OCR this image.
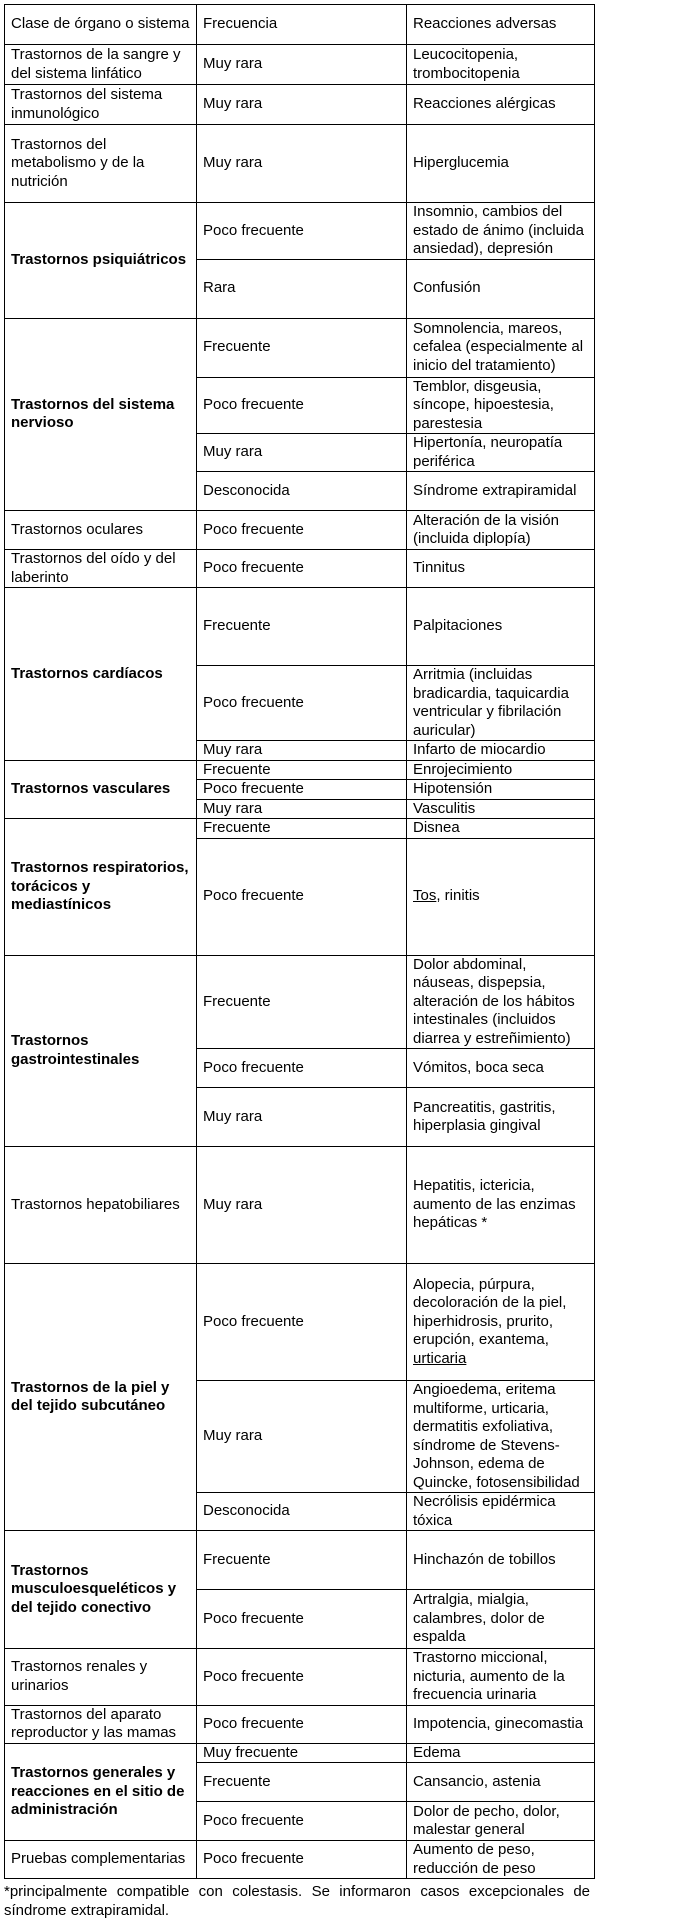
Clase de órgano o sistema	Frecuencia	Reacciones adversas
Trastornos de la sangre y del sistema linfático	Muy rara	Leucocitopenia, trombocitopenia
Trastornos del sistema inmunológico	Muy rara	Reacciones alérgicas
Trastornos del metabolismo y de la nutrición	Muy rara	Hiperglucemia
Trastornos psiquiátricos	Poco frecuente	Insomnio, cambios del estado de ánimo (incluida ansiedad), depresión
	Rara	Confusión
Trastornos del sistema nervioso	Frecuente	Somnolencia, mareos, cefalea (especialmente al inicio del tratamiento)
	Poco frecuente	Temblor, disgeusia, síncope, hipoestesia, parestesia
	Muy rara	Hipertonía, neuropatía periférica
	Desconocida	Síndrome extrapiramidal
Trastornos oculares	Poco frecuente	Alteración de la visión (incluida diplopía)
Trastornos del oído y del laberinto	Poco frecuente	Tinnitus
Trastornos cardíacos	Frecuente	Palpitaciones
	Poco frecuente	Arritmia (incluidas bradicardia, taquicardia ventricular y fibrilación auricular)
	Muy rara	Infarto de miocardio
Trastornos vasculares	Frecuente	Enrojecimiento
	Poco frecuente	Hipotensión
	Muy rara	Vasculitis
Trastornos respiratorios, torácicos y mediastínicos	Frecuente	Disnea
	Poco frecuente	Tos, rinitis
Trastornos gastrointestinales	Frecuente	Dolor abdominal, náuseas, dispepsia, alteración de los hábitos intestinales (incluidos diarrea y estreñimiento)
	Poco frecuente	Vómitos, boca seca
	Muy rara	Pancreatitis, gastritis, hiperplasia gingival
Trastornos hepatobiliares	Muy rara	Hepatitis, ictericia, aumento de las enzimas hepáticas *
Trastornos de la piel y del tejido subcutáneo	Poco frecuente	Alopecia, púrpura, decoloración de la piel, hiperhidrosis, prurito, erupción, exantema, urticaria
	Muy rara	Angioedema, eritema multiforme, urticaria, dermatitis exfoliativa, síndrome de Stevens-Johnson, edema de Quincke, fotosensibilidad
	Desconocida	Necrólisis epidérmica tóxica
Trastornos musculoesqueléticos y del tejido conectivo	Frecuente	Hinchazón de tobillos
	Poco frecuente	Artralgia, mialgia, calambres, dolor de espalda
Trastornos renales y urinarios	Poco frecuente	Trastorno miccional, nicturia, aumento de la frecuencia urinaria
Trastornos del aparato reproductor y las mamas	Poco frecuente	Impotencia, ginecomastia
Trastornos generales y reacciones en el sitio de administración	Muy frecuente	Edema
	Frecuente	Cansancio, astenia
	Poco frecuente	Dolor de pecho, dolor, malestar general
Pruebas complementarias	Poco frecuente	Aumento de peso, reducción de peso
*principalmente compatible con colestasis. Se informaron casos excepcionales de síndrome extrapiramidal.
